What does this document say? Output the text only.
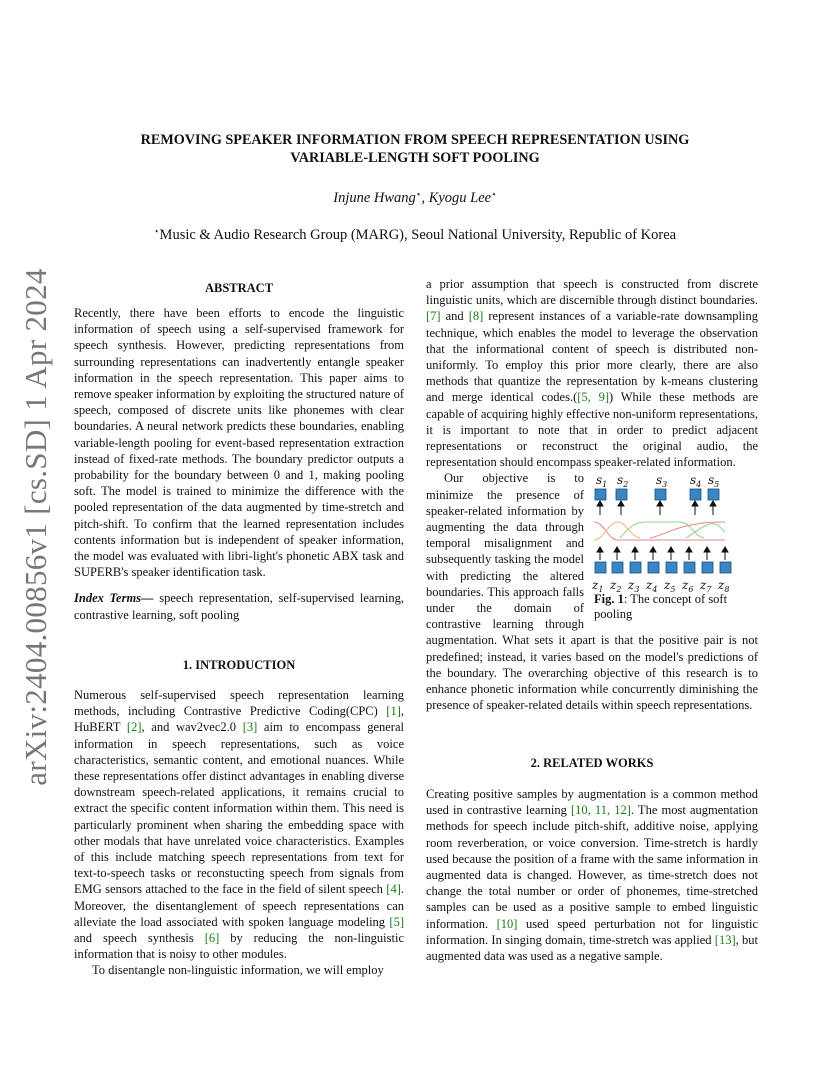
arXiv:2404.00856v1 [cs.SD] 1 Apr 2024
REMOVING SPEAKER INFORMATION FROM SPEECH REPRESENTATION USING
VARIABLE-LENGTH SOFT POOLING
Injune Hwang⋆, Kyogu Lee⋆
⋆Music & Audio Research Group (MARG), Seoul National University, Republic of Korea
ABSTRACT

Recently, there have been efforts to encode the linguistic information of speech using a self-supervised framework for speech synthesis. However, predicting representations from surrounding representations can inadvertently entangle speaker information in the speech representation. This paper aims to remove speaker information by exploiting the structured nature of speech, composed of discrete units like phonemes with clear boundaries. A neural network predicts these boundaries, enabling variable-length pooling for event-based representation extraction instead of fixed-rate methods. The boundary predictor outputs a probability for the boundary between 0 and 1, making pooling soft. The model is trained to minimize the difference with the pooled representation of the data augmented by time-stretch and pitch-shift. To confirm that the learned representation includes contents information but is independent of speaker information, the model was evaluated with libri-light's phonetic ABX task and SUPERB's speaker identification task.

Index Terms— speech representation, self-supervised learning, contrastive learning, soft pooling

1. INTRODUCTION

Numerous self-supervised speech representation learning methods, including Contrastive Predictive Coding(CPC) [1], HuBERT [2], and wav2vec2.0 [3] aim to encompass general information in speech representations, such as voice characteristics, semantic content, and emotional nuances. While these representations offer distinct advantages in enabling diverse downstream speech-related applications, it remains crucial to extract the specific content information within them. This need is particularly prominent when sharing the embedding space with other modals that have unrelated voice characteristics. Examples of this include matching speech representations from text for text-to-speech tasks or reconstucting speech from signals from EMG sensors attached to the face in the field of silent speech [4]. Moreover, the disentanglement of speech representations can alleviate the load associated with spoken language modeling [5] and speech synthesis [6] by reducing the non-linguistic information that is noisy to other modules.

To disentangle non-linguistic information, we will employ

a prior assumption that speech is constructed from discrete linguistic units, which are discernible through distinct boundaries. [7] and [8] represent instances of a variable-rate downsampling technique, which enables the model to leverage the observation that the informational content of speech is distributed non-uniformly. To employ this prior more clearly, there are also methods that quantize the representation by k-means clustering and merge identical codes.([5, 9]) While these methods are capable of acquiring highly effective non-uniform representations, it is important to note that in order to predict adjacent representations or reconstruct the original audio, the representation should encompass speaker-related information.

$s_1$ $s_2$ $s_3$ $s_4$ $s_5$
$z_1$ $z_2$ $z_3$ $z_4$ $z_5$ $z_6$ $z_7$ $z_8$
Fig. 1: The concept of soft pooling

Our objective is to minimize the presence of speaker-related information by augmenting the data through temporal misalignment and subsequently tasking the model with predicting the altered boundaries. This approach falls under the domain of contrastive learning through augmentation. What sets it apart is that the positive pair is not predefined; instead, it varies based on the model's predictions of the boundary. The overarching objective of this research is to enhance phonetic information while concurrently diminishing the presence of speaker-related details within speech representations.

2. RELATED WORKS

Creating positive samples by augmentation is a common method used in contrastive learning [10, 11, 12]. The most augmentation methods for speech include pitch-shift, additive noise, applying room reverberation, or voice conversion. Time-stretch is hardly used because the position of a frame with the same information in augmented data is changed. However, as time-stretch does not change the total number or order of phonemes, time-stretched samples can be used as a positive sample to embed linguistic information. [10] used speed perturbation not for linguistic information. In singing domain, time-stretch was applied [13], but augmented data was used as a negative sample.
